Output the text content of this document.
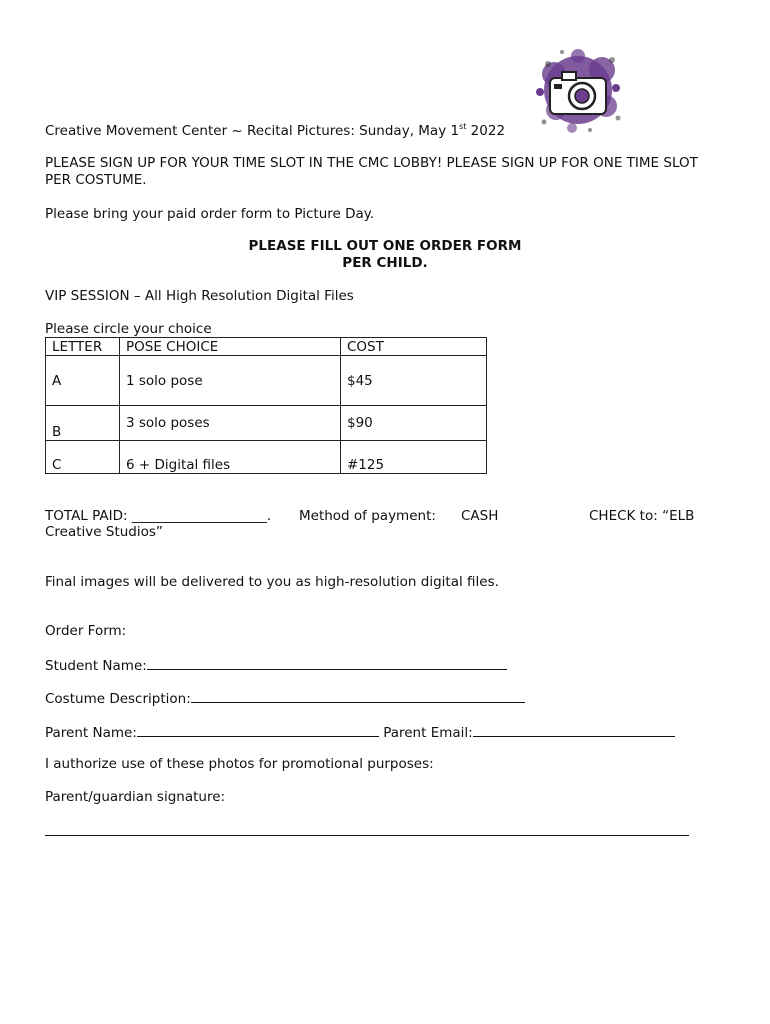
Creative Movement Center ~ Recital Pictures: Sunday, May 1st 2022
PLEASE SIGN UP FOR YOUR TIME SLOT IN THE CMC LOBBY! PLEASE SIGN UP FOR ONE TIME SLOT
PER COSTUME.
Please bring your paid order form to Picture Day.
PLEASE FILL OUT ONE ORDER FORM
PER CHILD.
VIP SESSION – All High Resolution Digital Files
Please circle your choice
LETTER	POSE CHOICE	COST
A	1 solo pose	$45
B	3 solo poses	$90
C	6 + Digital files	#125
TOTAL PAID: ____________________. Method of payment: CASH	CHECK to: “ELB
Creative Studios”
Final images will be delivered to you as high-resolution digital files.
Order Form:
Student Name:
Costume Description:
Parent Name:	Parent Email:
I authorize use of these photos for promotional purposes:
Parent/guardian signature:
